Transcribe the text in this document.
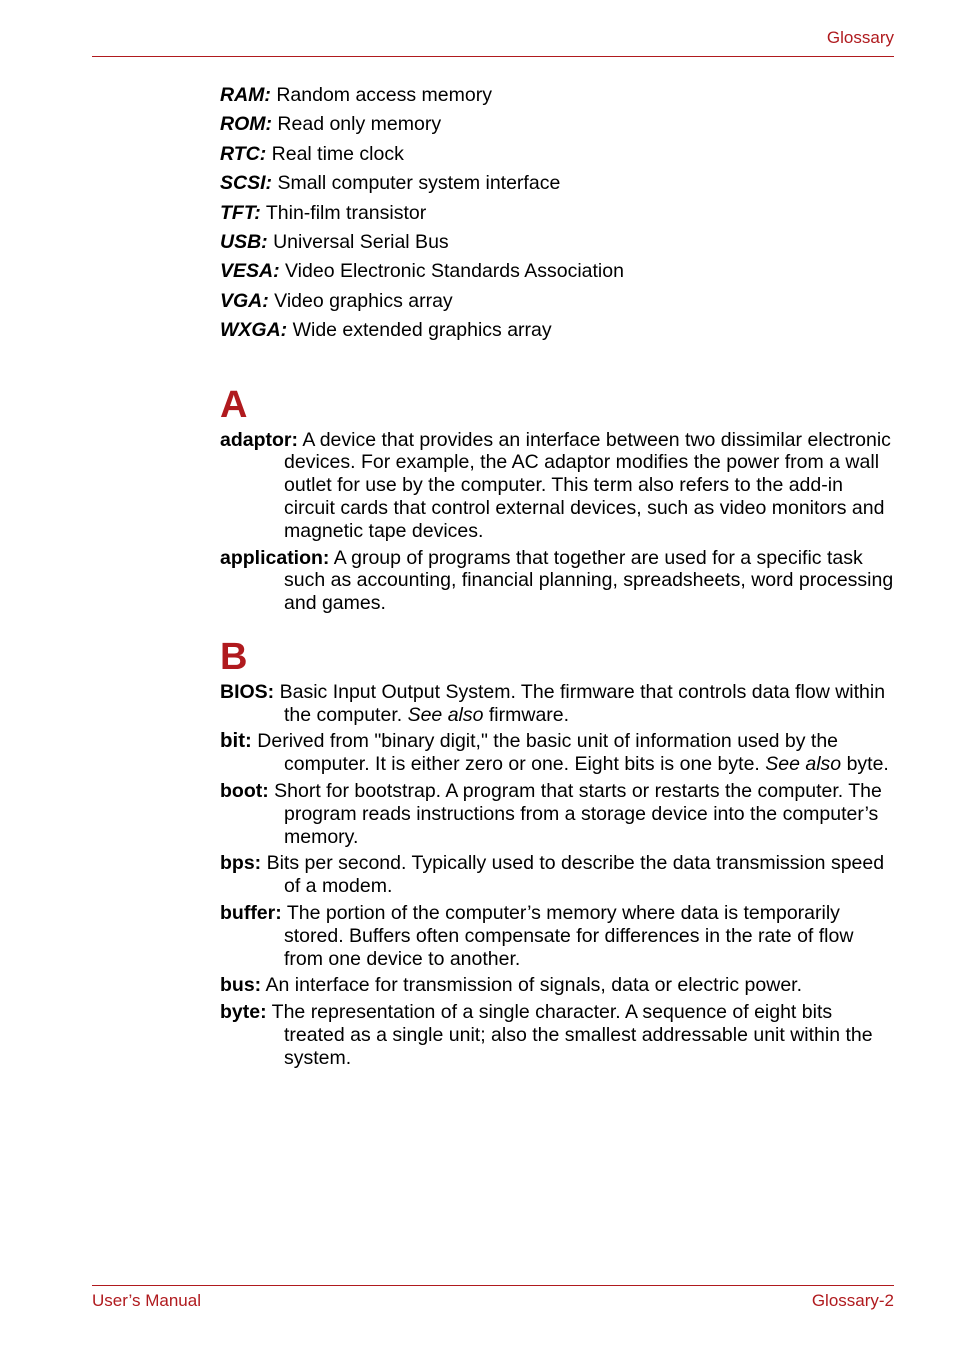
Glossary
RAM: Random access memory
ROM: Read only memory
RTC: Real time clock
SCSI: Small computer system interface
TFT: Thin-film transistor
USB: Universal Serial Bus
VESA: Video Electronic Standards Association
VGA: Video graphics array
WXGA: Wide extended graphics array
A
adaptor: A device that provides an interface between two dissimilar electronic devices. For example, the AC adaptor modifies the power from a wall outlet for use by the computer. This term also refers to the add-in circuit cards that control external devices, such as video monitors and magnetic tape devices.
application: A group of programs that together are used for a specific task such as accounting, financial planning, spreadsheets, word processing and games.
B
BIOS: Basic Input Output System. The firmware that controls data flow within the computer. See also firmware.
bit: Derived from "binary digit," the basic unit of information used by the computer. It is either zero or one. Eight bits is one byte. See also byte.
boot: Short for bootstrap. A program that starts or restarts the computer. The program reads instructions from a storage device into the computer’s memory.
bps: Bits per second. Typically used to describe the data transmission speed of a modem.
buffer: The portion of the computer’s memory where data is temporarily stored. Buffers often compensate for differences in the rate of flow from one device to another.
bus: An interface for transmission of signals, data or electric power.
byte: The representation of a single character. A sequence of eight bits treated as a single unit; also the smallest addressable unit within the system.
User’s Manual	Glossary-2
